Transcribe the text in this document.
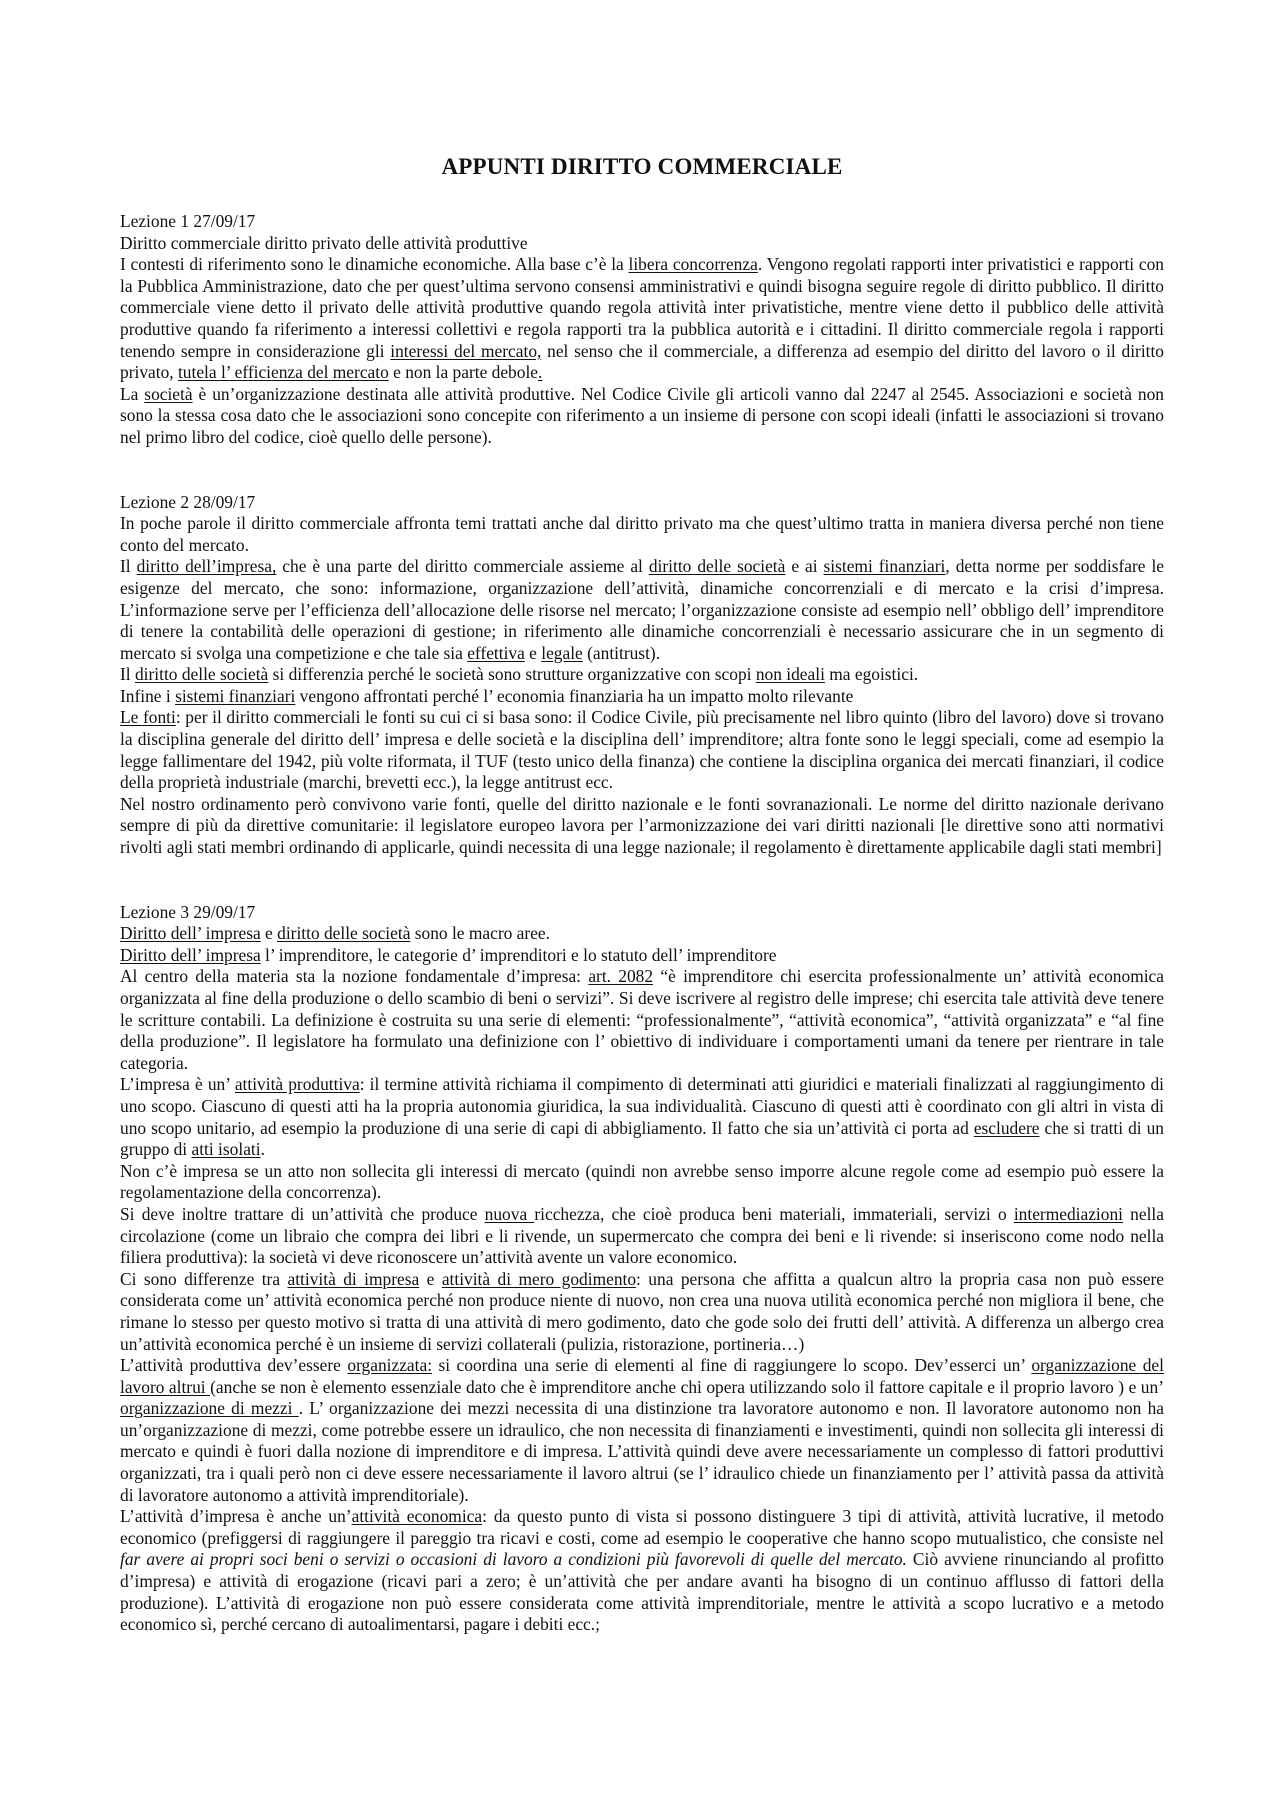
APPUNTI DIRITTO COMMERCIALE

Lezione 1 27/09/17

Diritto commerciale diritto privato delle attività produttive

I contesti di riferimento sono le dinamiche economiche. Alla base c’è la libera concorrenza. Vengono regolati rapporti inter privatistici e rapporti con la Pubblica Amministrazione, dato che per quest’ultima servono consensi amministrativi e quindi bisogna seguire regole di diritto pubblico. Il diritto commerciale viene detto il privato delle attività produttive quando regola attività inter privatistiche, mentre viene detto il pubblico delle attività produttive quando fa riferimento a interessi collettivi e regola rapporti tra la pubblica autorità e i cittadini. Il diritto commerciale regola i rapporti tenendo sempre in considerazione gli interessi del mercato, nel senso che il commerciale, a differenza ad esempio del diritto del lavoro o il diritto privato, tutela l’ efficienza del mercato e non la parte debole.

La società è un’organizzazione destinata alle attività produttive. Nel Codice Civile gli articoli vanno dal 2247 al 2545. Associazioni e società non sono la stessa cosa dato che le associazioni sono concepite con riferimento a un insieme di persone con scopi ideali (infatti le associazioni si trovano nel primo libro del codice, cioè quello delle persone).

Lezione 2 28/09/17

In poche parole il diritto commerciale affronta temi trattati anche dal diritto privato ma che quest’ultimo tratta in maniera diversa perché non tiene conto del mercato.

Il diritto dell’impresa, che è una parte del diritto commerciale assieme al diritto delle società e ai sistemi finanziari, detta norme per soddisfare le esigenze del mercato, che sono: informazione, organizzazione dell’attività, dinamiche concorrenziali e di mercato e la crisi d’impresa. L’informazione serve per l’efficienza dell’allocazione delle risorse nel mercato; l’organizzazione consiste ad esempio nell’ obbligo dell’ imprenditore di tenere la contabilità delle operazioni di gestione; in riferimento alle dinamiche concorrenziali è necessario assicurare che in un segmento di mercato si svolga una competizione e che tale sia effettiva e legale (antitrust).

Il diritto delle società si differenzia perché le società sono strutture organizzative con scopi non ideali ma egoistici.

Infine i sistemi finanziari vengono affrontati perché l’ economia finanziaria ha un impatto molto rilevante

Le fonti: per il diritto commerciali le fonti su cui ci si basa sono: il Codice Civile, più precisamente nel libro quinto (libro del lavoro) dove si trovano la disciplina generale del diritto dell’ impresa e delle società e la disciplina dell’ imprenditore; altra fonte sono le leggi speciali, come ad esempio la legge fallimentare del 1942, più volte riformata, il TUF (testo unico della finanza) che contiene la disciplina organica dei mercati finanziari, il codice della proprietà industriale (marchi, brevetti ecc.), la legge antitrust ecc.

Nel nostro ordinamento però convivono varie fonti, quelle del diritto nazionale e le fonti sovranazionali. Le norme del diritto nazionale derivano sempre di più da direttive comunitarie: il legislatore europeo lavora per l’armonizzazione dei vari diritti nazionali [le direttive sono atti normativi rivolti agli stati membri ordinando di applicarle, quindi necessita di una legge nazionale; il regolamento è direttamente applicabile dagli stati membri]

Lezione 3 29/09/17

Diritto dell’ impresa e diritto delle società sono le macro aree.

Diritto dell’ impresa l’ imprenditore, le categorie d’ imprenditori e lo statuto dell’ imprenditore

Al centro della materia sta la nozione fondamentale d’impresa: art. 2082 “è imprenditore chi esercita professionalmente un’ attività economica organizzata al fine della produzione o dello scambio di beni o servizi”. Si deve iscrivere al registro delle imprese; chi esercita tale attività deve tenere le scritture contabili. La definizione è costruita su una serie di elementi: “professionalmente”, “attività economica”, “attività organizzata” e “al fine della produzione”. Il legislatore ha formulato una definizione con l’ obiettivo di individuare i comportamenti umani da tenere per rientrare in tale categoria.

L’impresa è un’ attività produttiva: il termine attività richiama il compimento di determinati atti giuridici e materiali finalizzati al raggiungimento di uno scopo. Ciascuno di questi atti ha la propria autonomia giuridica, la sua individualità. Ciascuno di questi atti è coordinato con gli altri in vista di uno scopo unitario, ad esempio la produzione di una serie di capi di abbigliamento. Il fatto che sia un’attività ci porta ad escludere che si tratti di un gruppo di atti isolati.

Non c’è impresa se un atto non sollecita gli interessi di mercato (quindi non avrebbe senso imporre alcune regole come ad esempio può essere la regolamentazione della concorrenza).

Si deve inoltre trattare di un’attività che produce nuova ricchezza, che cioè produca beni materiali, immateriali, servizi o intermediazioni nella circolazione (come un libraio che compra dei libri e li rivende, un supermercato che compra dei beni e li rivende: si inseriscono come nodo nella filiera produttiva): la società vi deve riconoscere un’attività avente un valore economico.

Ci sono differenze tra attività di impresa e attività di mero godimento: una persona che affitta a qualcun altro la propria casa non può essere considerata come un’ attività economica perché non produce niente di nuovo, non crea una nuova utilità economica perché non migliora il bene, che rimane lo stesso per questo motivo si tratta di una attività di mero godimento, dato che gode solo dei frutti dell’ attività. A differenza un albergo crea un’attività economica perché è un insieme di servizi collaterali (pulizia, ristorazione, portineria…)

L’attività produttiva dev’essere organizzata: si coordina una serie di elementi al fine di raggiungere lo scopo. Dev’esserci un’ organizzazione del lavoro altrui (anche se non è elemento essenziale dato che è imprenditore anche chi opera utilizzando solo il fattore capitale e il proprio lavoro ) e un’ organizzazione di mezzi . L’ organizzazione dei mezzi necessita di una distinzione tra lavoratore autonomo e non. Il lavoratore autonomo non ha un’organizzazione di mezzi, come potrebbe essere un idraulico, che non necessita di finanziamenti e investimenti, quindi non sollecita gli interessi di mercato e quindi è fuori dalla nozione di imprenditore e di impresa. L’attività quindi deve avere necessariamente un complesso di fattori produttivi organizzati, tra i quali però non ci deve essere necessariamente il lavoro altrui (se l’ idraulico chiede un finanziamento per l’ attività passa da attività di lavoratore autonomo a attività imprenditoriale).

L’attività d’impresa è anche un’attività economica: da questo punto di vista si possono distinguere 3 tipi di attività, attività lucrative, il metodo economico (prefiggersi di raggiungere il pareggio tra ricavi e costi, come ad esempio le cooperative che hanno scopo mutualistico, che consiste nel far avere ai propri soci beni o servizi o occasioni di lavoro a condizioni più favorevoli di quelle del mercato. Ciò avviene rinunciando al profitto d’impresa) e attività di erogazione (ricavi pari a zero; è un’attività che per andare avanti ha bisogno di un continuo afflusso di fattori della produzione). L’attività di erogazione non può essere considerata come attività imprenditoriale, mentre le attività a scopo lucrativo e a metodo economico sì, perché cercano di autoalimentarsi, pagare i debiti ecc.;
